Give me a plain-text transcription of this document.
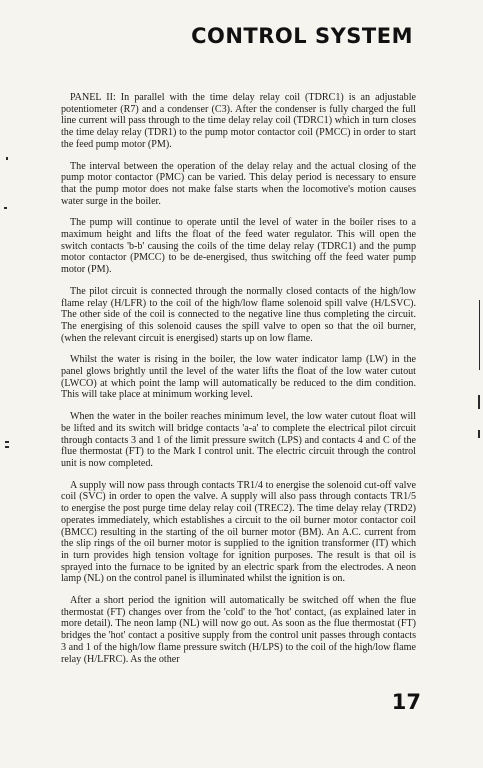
CONTROL SYSTEM

PANEL II: In parallel with the time delay relay coil (TDRC1) is an adjustable potentiometer (R7) and a condenser (C3). After the condenser is fully charged the full line current will pass through to the time delay relay coil (TDRC1) which in turn closes the time delay relay (TDR1) to the pump motor contactor coil (PMCC) in order to start the feed pump motor (PM).

The interval between the operation of the delay relay and the actual closing of the pump motor contactor (PMC) can be varied. This delay period is necessary to ensure that the pump motor does not make false starts when the locomotive's motion causes water surge in the boiler.

The pump will continue to operate until the level of water in the boiler rises to a maximum height and lifts the float of the feed water regulator. This will open the switch contacts 'b-b' causing the coils of the time delay relay (TDRC1) and the pump motor contactor (PMCC) to be de-energised, thus switching off the feed water pump motor (PM).

The pilot circuit is connected through the normally closed contacts of the high/low flame relay (H/LFR) to the coil of the high/low flame solenoid spill valve (H/LSVC). The other side of the coil is connected to the negative line thus completing the circuit. The energising of this solenoid causes the spill valve to open so that the oil burner, (when the relevant circuit is energised) starts up on low flame.

Whilst the water is rising in the boiler, the low water indicator lamp (LW) in the panel glows brightly until the level of the water lifts the float of the low water cutout (LWCO) at which point the lamp will automatically be reduced to the dim condition. This will take place at minimum working level.

When the water in the boiler reaches minimum level, the low water cutout float will be lifted and its switch will bridge contacts 'a-a' to complete the electrical pilot circuit through contacts 3 and 1 of the limit pressure switch (LPS) and contacts 4 and C of the flue thermostat (FT) to the Mark I control unit. The electric circuit through the control unit is now completed.

A supply will now pass through contacts TR1/4 to energise the solenoid cut-off valve coil (SVC) in order to open the valve. A supply will also pass through contacts TR1/5 to energise the post purge time delay relay coil (TREC2). The time delay relay (TRD2) operates immediately, which establishes a circuit to the oil burner motor contactor coil (BMCC) resulting in the starting of the oil burner motor (BM). An A.C. current from the slip rings of the oil burner motor is supplied to the ignition transformer (IT) which in turn provides high tension voltage for ignition purposes. The result is that oil is sprayed into the furnace to be ignited by an electric spark from the electrodes. A neon lamp (NL) on the control panel is illuminated whilst the ignition is on.

After a short period the ignition will automatically be switched off when the flue thermostat (FT) changes over from the 'cold' to the 'hot' contact, (as explained later in more detail). The neon lamp (NL) will now go out. As soon as the flue thermostat (FT) bridges the 'hot' contact a positive supply from the control unit passes through contacts 3 and 1 of the high/low flame pressure switch (H/LPS) to the coil of the high/low flame relay (H/LFRC). As the other

17
